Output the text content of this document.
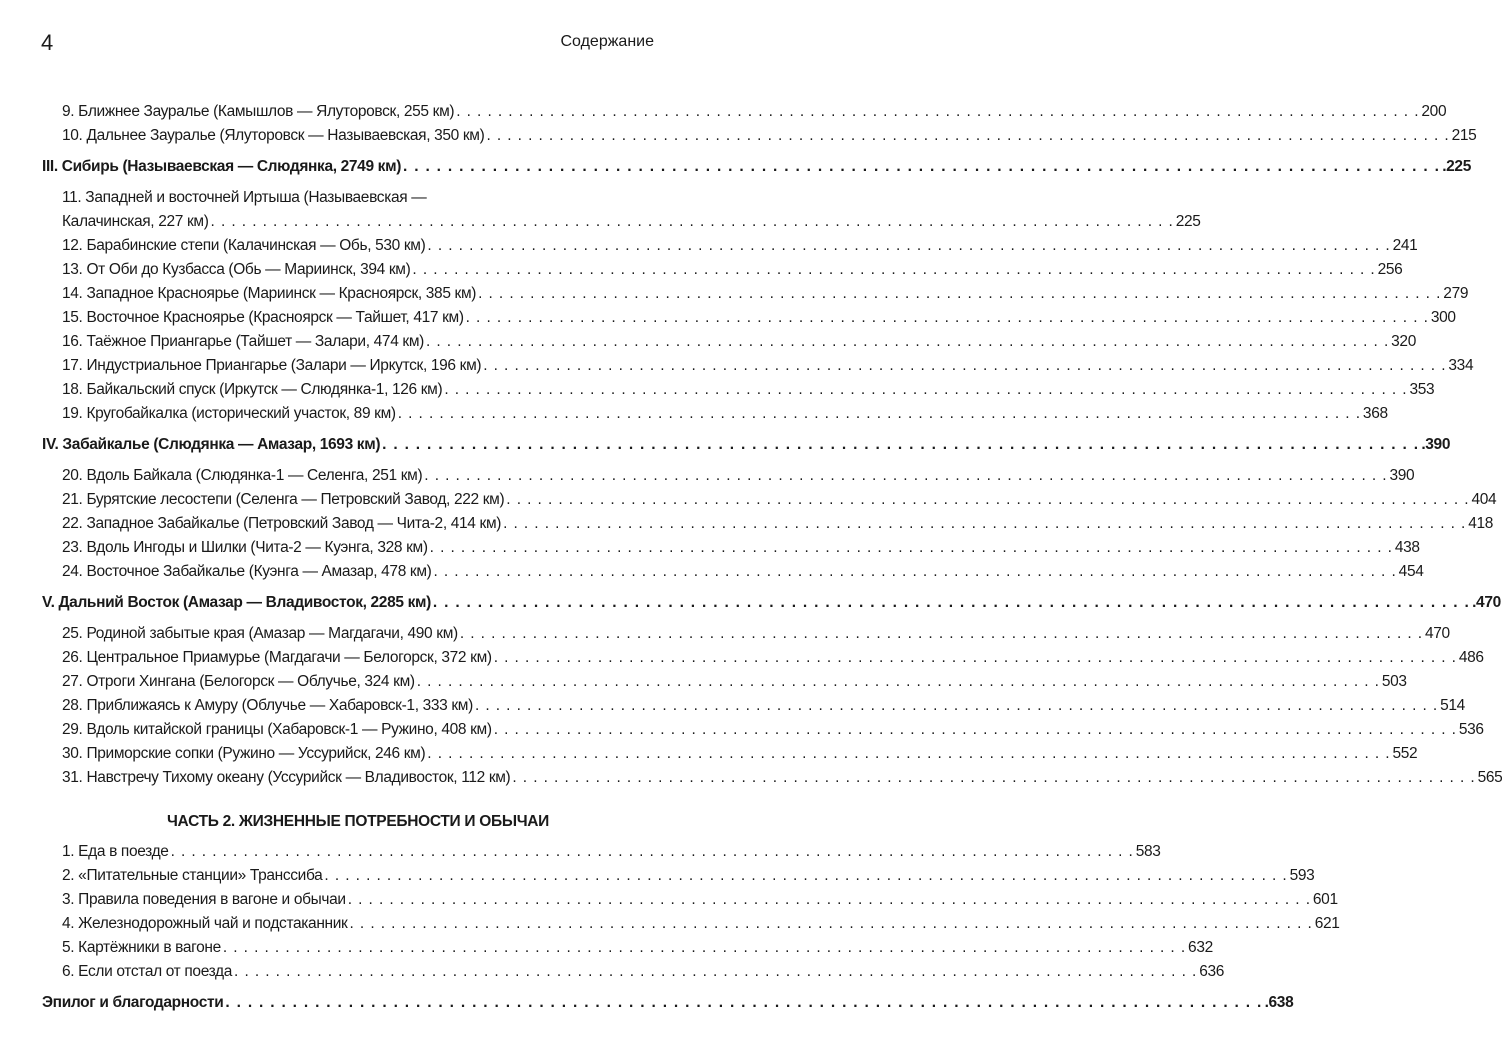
4	Содержание
9. Ближнее Зауралье (Камышлов — Ялуторовск, 255 км) . . .	200
10. Дальнее Зауралье (Ялуторовск — Называевская, 350 км) . . .	215
III. Сибирь (Называевская — Слюдянка, 2749 км) . . .	.225
11. Западней и восточней Иртыша (Называевская —
Калачинская, 227 км) . . .	225
12. Барабинские степи (Калачинская — Обь, 530 км) . . .	241
13. От Оби до Кузбасса (Обь — Мариинск, 394 км) . . .	256
14. Западное Красноярье (Мариинск — Красноярск, 385 км) . . .	279
15. Восточное Красноярье (Красноярск — Тайшет, 417 км) . . .	300
16. Таёжное Приангарье (Тайшет — Залари, 474 км) . . .	320
17. Индустриальное Приангарье (Залари — Иркутск, 196 км) . . .	334
18. Байкальский спуск (Иркутск — Слюдянка-1, 126 км) . . .	353
19. Кругобайкалка (исторический участок, 89 км) . . .	368
IV. Забайкалье (Слюдянка — Амазар, 1693 км) . . .	.390
20. Вдоль Байкала (Слюдянка-1 — Селенга, 251 км) . . .	390
21. Бурятские лесостепи (Селенга — Петровский Завод, 222 км) . . .	404
22. Западное Забайкалье (Петровский Завод — Чита-2, 414 км) . . .	418
23. Вдоль Ингоды и Шилки (Чита-2 — Куэнга, 328 км) . . .	438
24. Восточное Забайкалье (Куэнга — Амазар, 478 км) . . .	454
V. Дальний Восток (Амазар — Владивосток, 2285 км) . . .	.470
25. Родиной забытые края (Амазар — Магдагачи, 490 км) . . .	470
26. Центральное Приамурье (Магдагачи — Белогорск, 372 км) . . .	486
27. Отроги Хингана (Белогорск — Облучье, 324 км) . . .	503
28. Приближаясь к Амуру (Облучье — Хабаровск-1, 333 км) . . .	514
29. Вдоль китайской границы (Хабаровск-1 — Ружино, 408 км) . . .	536
30. Приморские сопки (Ружино — Уссурийск, 246 км) . . .	552
31. Навстречу Тихому океану (Уссурийск — Владивосток, 112 км) . . .	565
ЧАСТЬ 2. ЖИЗНЕННЫЕ ПОТРЕБНОСТИ И ОБЫЧАИ
1. Еда в поезде . . .	583
2. «Питательные станции» Транссиба . . .	593
3. Правила поведения в вагоне и обычаи . . .	601
4. Железнодорожный чай и подстаканник . . .	621
5. Картёжники в вагоне . . .	632
6. Если отстал от поезда . . .	636
Эпилог и благодарности . . .	.638
